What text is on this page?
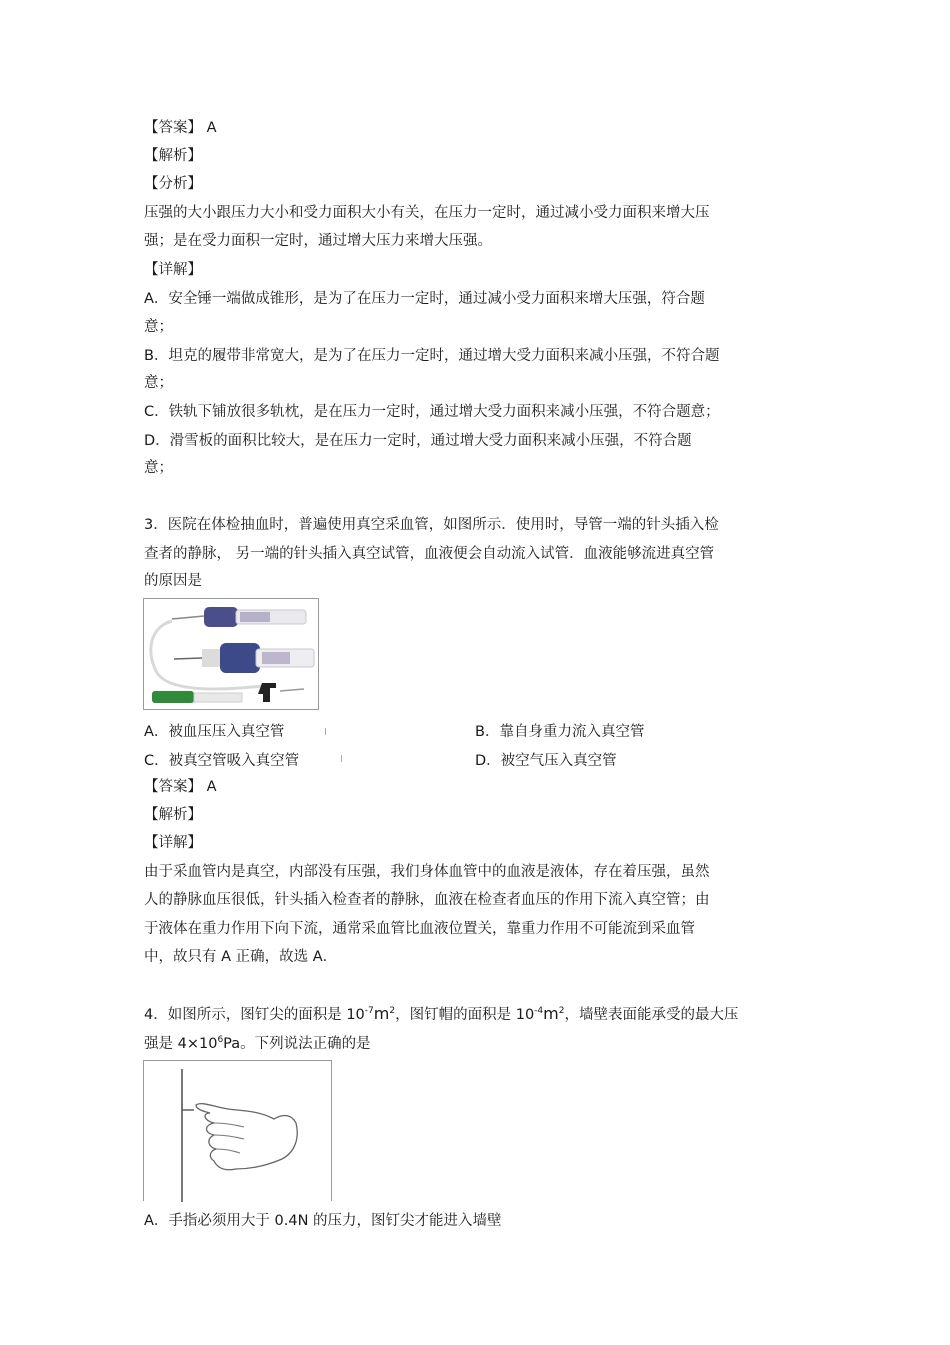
【答案】 A
【解析】
【分析】
压强的大小跟压力大小和受力面积大小有关，在压力一定时，通过减小受力面积来增大压
强；是在受力面积一定时，通过增大压力来增大压强。
【详解】
A．安全锤一端做成锥形，是为了在压力一定时，通过减小受力面积来增大压强，符合题
意；
B．坦克的履带非常宽大，是为了在压力一定时，通过增大受力面积来减小压强，不符合题
意；
C．铁轨下铺放很多轨枕，是在压力一定时，通过增大受力面积来减小压强，不符合题意；
D．滑雪板的面积比较大，是在压力一定时，通过增大受力面积来减小压强，不符合题
意；
3．医院在体检抽血时，普遍使用真空采血管，如图所示．使用时，导管一端的针头插入检
查者的静脉， 另一端的针头插入真空试管，血液便会自动流入试管．血液能够流进真空管
的原因是
A．被血压压入真空管	B．靠自身重力流入真空管
C．被真空管吸入真空管	D．被空气压入真空管
【答案】 A
【解析】
【详解】
由于采血管内是真空，内部没有压强，我们身体血管中的血液是液体，存在着压强，虽然
人的静脉血压很低，针头插入检查者的静脉，血液在检查者血压的作用下流入真空管；由
于液体在重力作用下向下流，通常采血管比血液位置关，靠重力作用不可能流到采血管
中，故只有 A 正确，故选 A．
4．如图所示，图钉尖的面积是 $10^{-7}m^2$，图钉帽的面积是 $10^{-4}m^2$，墙壁表面能承受的最大压
强是 $4\times 10^6Pa$。下列说法正确的是
A．手指必须用大于 0.4N 的压力，图钉尖才能进入墙壁
